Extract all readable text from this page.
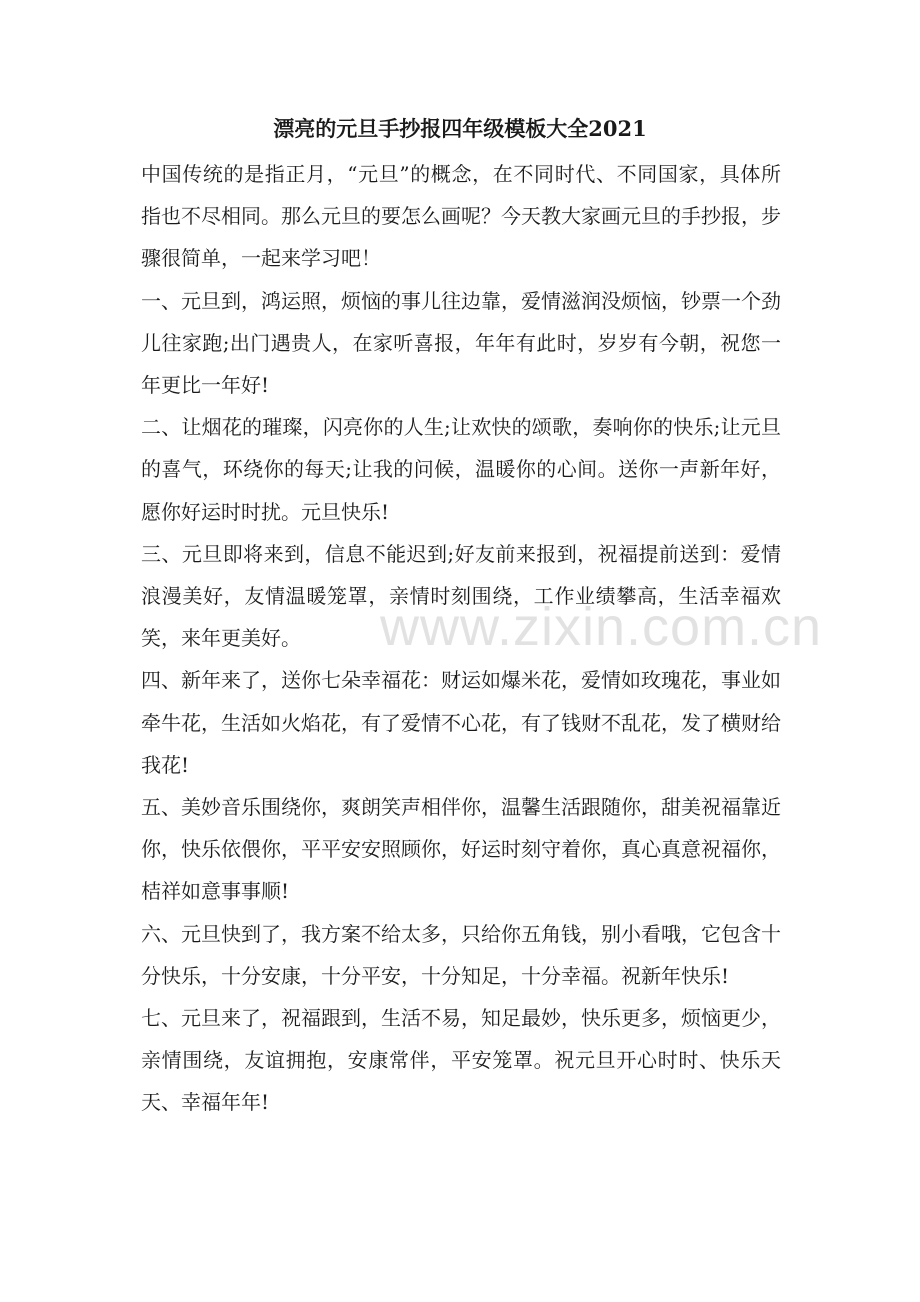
漂亮的元旦手抄报四年级模板大全2021

中国传统的是指正月，“元旦”的概念，在不同时代、不同国家，具体所指也不尽相同。那么元旦的要怎么画呢？今天教大家画元旦的手抄报，步骤很简单，一起来学习吧！

一、元旦到，鸿运照，烦恼的事儿往边靠，爱情滋润没烦恼，钞票一个劲儿往家跑;出门遇贵人，在家听喜报，年年有此时，岁岁有今朝，祝您一年更比一年好!

二、让烟花的璀璨，闪亮你的人生;让欢快的颂歌，奏响你的快乐;让元旦的喜气，环绕你的每天;让我的问候，温暖你的心间。送你一声新年好，愿你好运时时扰。元旦快乐!

三、元旦即将来到，信息不能迟到;好友前来报到，祝福提前送到：爱情浪漫美好，友情温暖笼罩，亲情时刻围绕，工作业绩攀高，生活幸福欢笑，来年更美好。

四、新年来了，送你七朵幸福花：财运如爆米花，爱情如玫瑰花，事业如牵牛花，生活如火焰花，有了爱情不心花，有了钱财不乱花，发了横财给我花!

五、美妙音乐围绕你，爽朗笑声相伴你，温馨生活跟随你，甜美祝福靠近你，快乐依偎你，平平安安照顾你，好运时刻守着你，真心真意祝福你，桔祥如意事事顺!

六、元旦快到了，我方案不给太多，只给你五角钱，别小看哦，它包含十分快乐，十分安康，十分平安，十分知足，十分幸福。祝新年快乐!

七、元旦来了，祝福跟到，生活不易，知足最妙，快乐更多，烦恼更少，亲情围绕，友谊拥抱，安康常伴，平安笼罩。祝元旦开心时时、快乐天天、幸福年年!

www.zixin.com.cn
